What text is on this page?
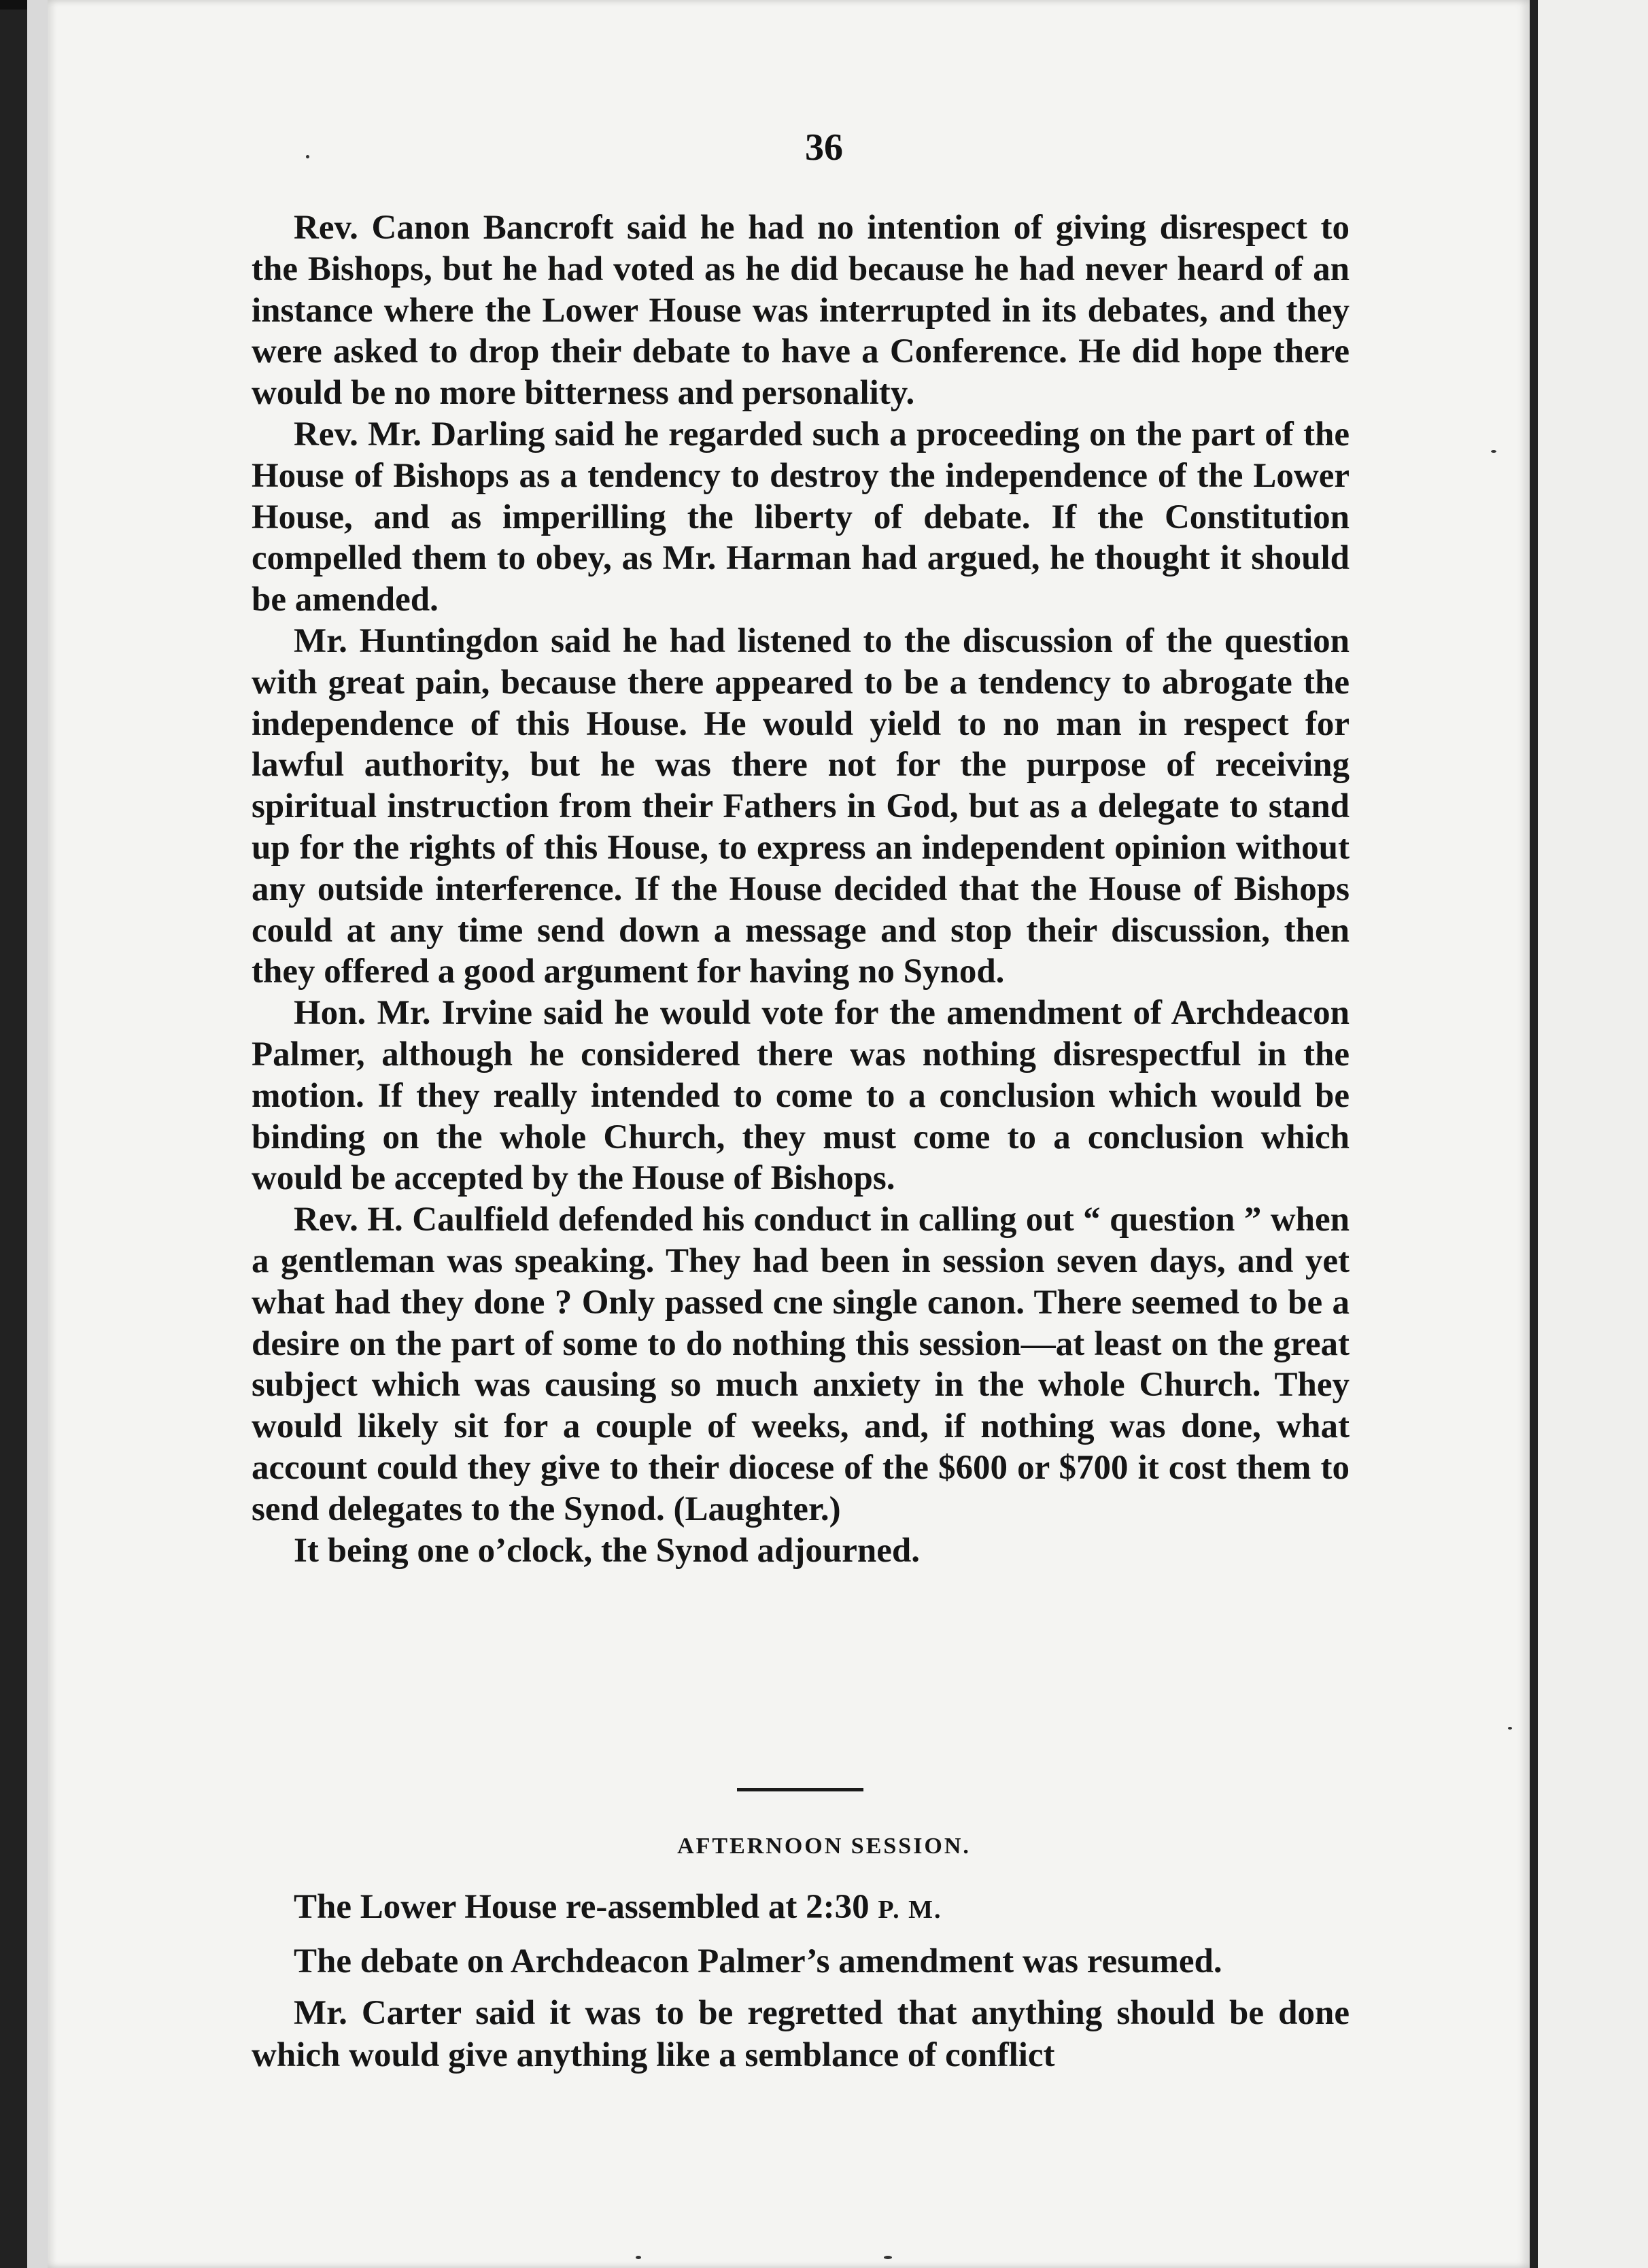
36

Rev. Canon Bancroft said he had no intention of giving disrespect to the Bishops, but he had voted as he did because he had never heard of an instance where the Lower House was interrupted in its debates, and they were asked to drop their debate to have a Conference. He did hope there would be no more bitterness and personality.

Rev. Mr. Darling said he regarded such a proceeding on the part of the House of Bishops as a tendency to destroy the independence of the Lower House, and as imperilling the liberty of debate. If the Constitution compelled them to obey, as Mr. Harman had argued, he thought it should be amended.

Mr. Huntingdon said he had listened to the discussion of the question with great pain, because there appeared to be a tendency to abrogate the independence of this House. He would yield to no man in respect for lawful authority, but he was there not for the purpose of receiving spiritual instruction from their Fathers in God, but as a delegate to stand up for the rights of this House, to express an independent opinion without any outside interference. If the House decided that the House of Bishops could at any time send down a message and stop their discussion, then they offered a good argument for having no Synod.

Hon. Mr. Irvine said he would vote for the amendment of Archdeacon Palmer, although he considered there was nothing disrespectful in the motion. If they really intended to come to a conclusion which would be binding on the whole Church, they must come to a conclusion which would be accepted by the House of Bishops.

Rev. H. Caulfield defended his conduct in calling out “ question ” when a gentleman was speaking. They had been in session seven days, and yet what had they done ? Only passed cne single canon. There seemed to be a desire on the part of some to do nothing this session—at least on the great subject which was causing so much anxiety in the whole Church. They would likely sit for a couple of weeks, and, if nothing was done, what account could they give to their diocese of the $600 or $700 it cost them to send delegates to the Synod. (Laughter.)

It being one o’clock, the Synod adjourned.

AFTERNOON SESSION.

The Lower House re-assembled at 2:30 P. M.

The debate on Archdeacon Palmer’s amendment was resumed.

Mr. Carter said it was to be regretted that anything should be done which would give anything like a semblance of conflict
